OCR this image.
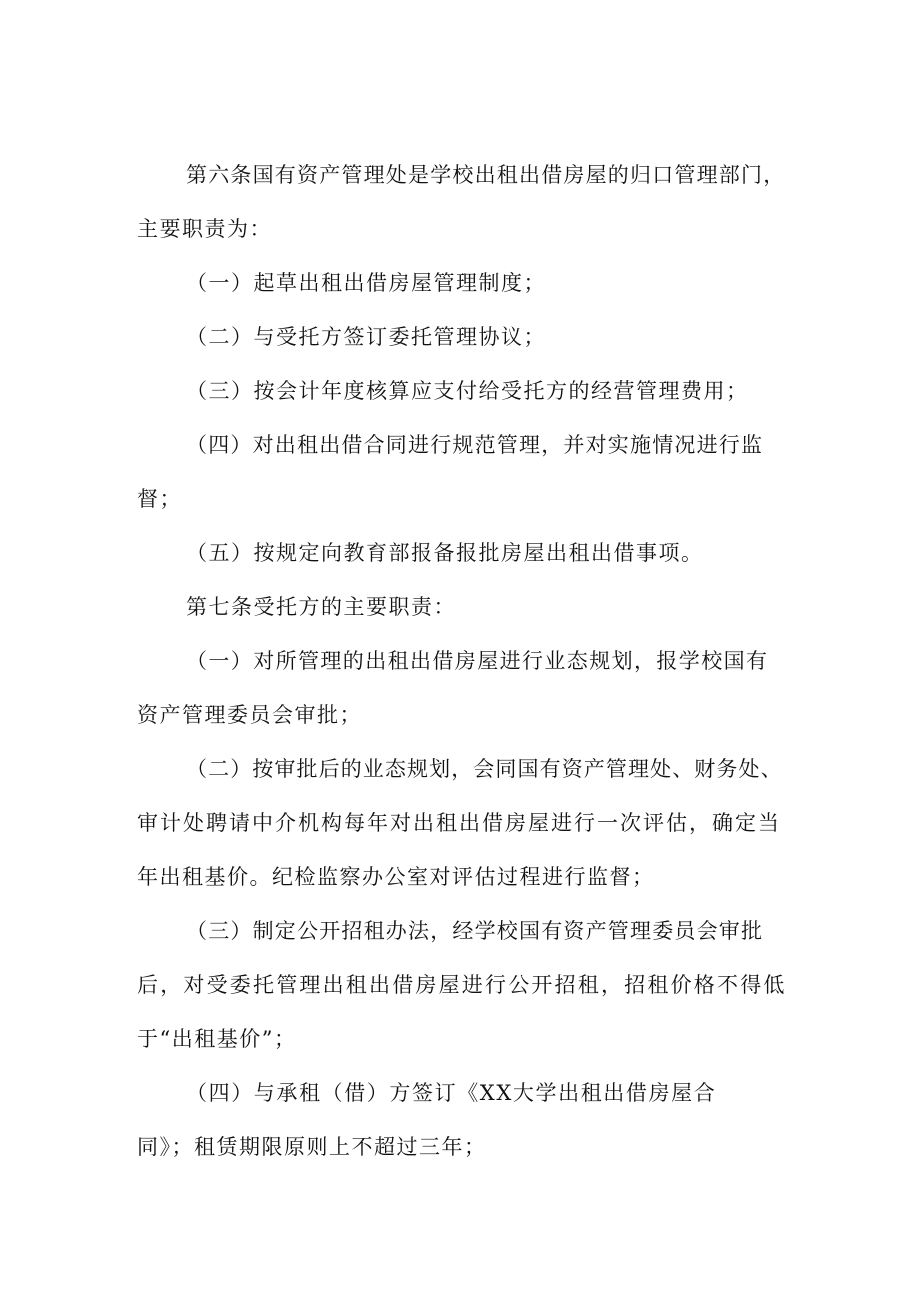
第六条国有资产管理处是学校出租出借房屋的归口管理部门，
主要职责为：
（一）起草出租出借房屋管理制度；
（二）与受托方签订委托管理协议；
（三）按会计年度核算应支付给受托方的经营管理费用；
（四）对出租出借合同进行规范管理，并对实施情况进行监
督；
（五）按规定向教育部报备报批房屋出租出借事项。
第七条受托方的主要职责：
（一）对所管理的出租出借房屋进行业态规划，报学校国有
资产管理委员会审批；
（二）按审批后的业态规划，会同国有资产管理处、财务处、
审计处聘请中介机构每年对出租出借房屋进行一次评估，确定当
年出租基价。纪检监察办公室对评估过程进行监督；
（三）制定公开招租办法，经学校国有资产管理委员会审批
后，对受委托管理出租出借房屋进行公开招租，招租价格不得低
于“出租基价”；
（四）与承租（借）方签订《XX大学出租出借房屋合
同》；租赁期限原则上不超过三年；
